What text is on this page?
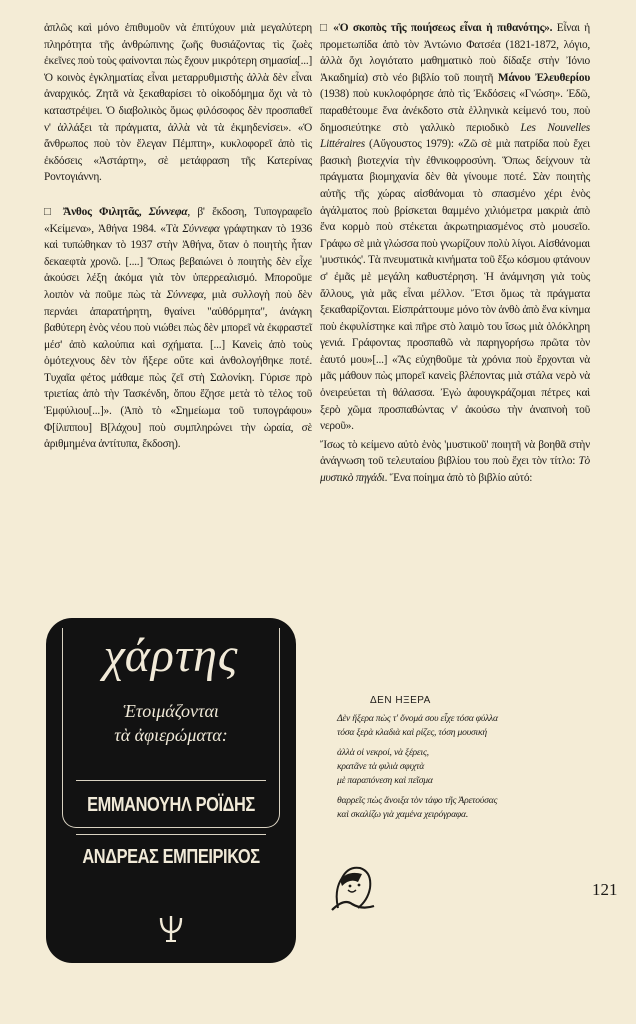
ἁπλῶς καὶ μόνο ἐπιθυμοῦν νὰ ἐπιτύχουν μιὰ μεγαλύτερη πληρότητα τῆς ἀνθρώπινης ζωῆς θυσιάζοντας τὶς ζωὲς ἐκεῖνες ποὺ τοὺς φαίνονται πὼς ἔχουν μικρότερη σημασία[...] Ὁ κοινὸς ἐγκληματίας εἶναι μεταρρυθμιστὴς ἀλλὰ δὲν εἶναι ἀναρχικός. Ζητᾶ νὰ ξεκαθαρίσει τὸ οἰκοδόμημα ὄχι νὰ τὸ καταστρέψει. Ὁ διαβολικὸς ὅμως φιλόσοφος δὲν προσπαθεῖ ν' ἀλλάξει τὰ πράγματα, ἀλλὰ νὰ τὰ ἐκμηδενίσει». «Ὁ ἄνθρωπος ποὺ τὸν ἔλεγαν Πέμπτη», κυκλοφορεῖ ἀπὸ τὶς ἐκδόσεις «Ἀστάρτη», σὲ μετάφραση τῆς Κατερίνας Ροντογιάννη.

□ Ἄνθος Φιλητᾶς, Σύννεφα, β' ἔκδοση, Τυπογραφεῖο «Κείμενα», Ἀθήνα 1984. «Τὰ Σύννεφα γράφτηκαν τὸ 1936 καὶ τυπώθηκαν τὸ 1937 στὴν Ἀθήνα, ὅταν ὁ ποιητὴς ἦταν δεκαεφτὰ χρονῶ. [....] Ὅπως βεβαιώνει ὁ ποιητὴς δὲν εἶχε ἀκούσει λέξη ἀκόμα γιὰ τὸν ὑπερρεαλισμό. Μποροῦμε λοιπὸν νὰ ποῦμε πὼς τὰ Σύννεφα, μιὰ συλλογὴ ποὺ δὲν περνάει ἀπαρατήρητη, θγαίνει "αὐθόρμητα", ἀνάγκη βαθύτερη ἑνὸς νέου ποὺ νιώθει πὼς δὲν μπορεῖ νὰ ἐκφραστεῖ μέσ' ἀπὸ καλούπια καὶ σχήματα. [...] Κανεὶς ἀπὸ τοὺς ὁμότεχνους δὲν τὸν ἤξερε οὔτε καὶ ἀνθολογήθηκε ποτέ. Τυχαῖα φέτος μάθαμε πὼς ζεῖ στὴ Σαλονίκη. Γύρισε πρὸ τριετίας ἀπὸ τὴν Τασκένδη, ὅπου ἔζησε μετὰ τὸ τέλος τοῦ Ἐμφύλιου[...]». (Ἀπὸ τὸ «Σημείωμα τοῦ τυπογράφου» Φ[ίλιππου] Β[λάχου] ποὺ συμπληρώνει τὴν ὡραία, σὲ ἀριθμημένα ἀντίτυπα, ἔκδοση).

χάρτης
Ἑτοιμάζονται
τὰ ἀφιερώματα:
ΕΜΜΑΝΟΥΗΛ ΡΟΪΔΗΣ
ΑΝΔΡΕΑΣ ΕΜΠΕΙΡΙΚΟΣ

□ «Ὁ σκοπὸς τῆς ποιήσεως εἶναι ἡ πιθανότης». Εἶναι ἡ προμετωπίδα ἀπὸ τὸν Ἀντώνιο Φατσέα (1821-1872, λόγιο, ἀλλὰ ὄχι λογιότατο μαθηματικὸ ποὺ δίδαξε στὴν Ἰόνιο Ἀκαδημία) στὸ νέο βιβλίο τοῦ ποιητῆ Μάνου Ἐλευθερίου (1938) ποὺ κυκλοφόρησε ἀπὸ τὶς Ἐκδόσεις «Γνώση». Ἐδῶ, παραθέτουμε ἕνα ἀνέκδοτο στὰ ἑλληνικὰ κείμενό του, ποὺ δημοσιεύτηκε στὸ γαλλικὸ περιοδικὸ Les Nouvelles Littéraires (Αὔγουστος 1979): «Ζῶ σὲ μιὰ πατρίδα ποὺ ἔχει βασικὴ βιοτεχνία τὴν ἐθνικοφροσύνη. Ὅπως δείχνουν τὰ πράγματα βιομηχανία δὲν θὰ γίνουμε ποτέ. Σὰν ποιητὴς αὐτῆς τῆς χώρας αἰσθάνομαι τὸ σπασμένο χέρι ἑνὸς ἀγάλματος ποὺ βρίσκεται θαμμένο χιλιόμετρα μακριὰ ἀπὸ ἕνα κορμὸ ποὺ στέκεται ἀκρωτηριασμένος στὸ μουσεῖο. Γράφω σὲ μιὰ γλώσσα ποὺ γνωρίζουν πολὺ λίγοι. Αἰσθάνομαι 'μυστικός'. Τὰ πνευματικὰ κινήματα τοῦ ἔξω κόσμου φτάνουν σ' ἐμᾶς μὲ μεγάλη καθυστέρηση. Ἡ ἀνάμνηση γιὰ τοὺς ἄλλους, γιὰ μᾶς εἶναι μέλλον. Ἔτσι ὅμως τὰ πράγματα ξεκαθαρίζονται. Εἰσπράττουμε μόνο τὸν ἀνθὸ ἀπὸ ἕνα κίνημα ποὺ ἐκφυλίστηκε καὶ πῆρε στὸ λαιμὸ του ἴσως μιὰ ὁλόκληρη γενιά. Γράφοντας προσπαθῶ νὰ παρηγορήσω πρῶτα τὸν ἑαυτό μου»[...] «Ἂς εὐχηθοῦμε τὰ χρόνια ποὺ ἔρχονται νὰ μᾶς μάθουν πὼς μπορεῖ κανεὶς βλέποντας μιὰ στάλα νερὸ νὰ ὀνειρεύεται τὴ θάλασσα. Ἐγὼ ἀφουγκράζομαι πέτρες καὶ ξερὸ χῶμα προσπαθώντας ν' ἀκούσω τὴν ἀναπνοὴ τοῦ νεροῦ».

Ἴσως τὸ κείμενο αὐτὸ ἑνὸς 'μυστικοῦ' ποιητῆ νὰ βοηθᾶ στὴν ἀνάγνωση τοῦ τελευταίου βιβλίου του ποὺ ἔχει τὸν τίτλο: Τὸ μυστικὸ πηγάδι. Ἕνα ποίημα ἀπὸ τὸ βιβλίο αὐτό:

ΔΕΝ ΗΞΕΡΑ
Δὲν ἤξερα πὼς τ' ὄνομά σου εἶχε τόσα φύλλα
τόσα ξερὰ κλαδιὰ καὶ ρίζες, τόση μουσική
ἀλλὰ οἱ νεκροί, νὰ ξέρεις,
κρατᾶνε τὰ φιλιὰ σφιχτὰ
μὲ παραπόνεση καὶ πεῖσμα
θαρρεῖς πὼς ἄνοιξα τὸν τάφο τῆς Ἀρετούσας
καὶ σκαλίζω γιὰ χαμένα χειρόγραφα.
121
